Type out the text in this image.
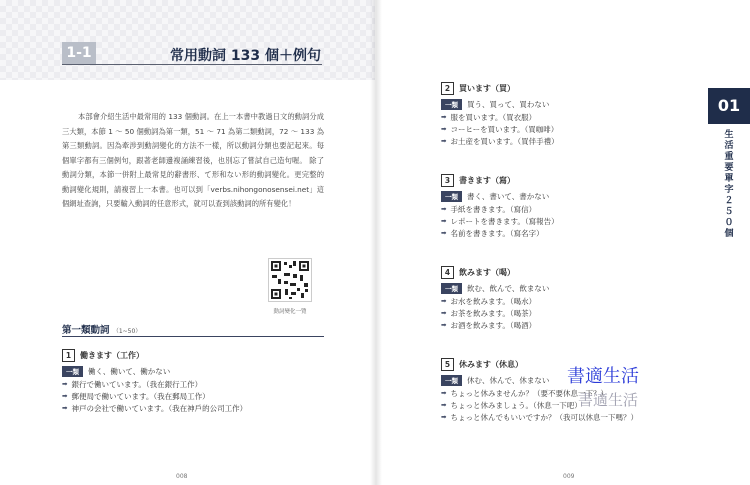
1-1	常用動詞 133 個＋例句
本部會介紹生活中最常用的 133 個動詞。在上一本書中教過日文的動詞分成三大類，本節 1 ～ 50 個動詞為第一類，51 ～ 71 為第二類動詞，72 ～ 133 為第三類動詞。因為牽涉到動詞變化的方法不一樣，所以動詞分類也要記起來。每個單字都有三個例句，跟著老師邊複誦練習後，也別忘了嘗試自己造句喔。 除了動詞分類，本節一併附上最常見的辭書形、て形和ない形的動詞變化。更完整的動詞變化規則，請複習上一本書。也可以到「verbs.nihongonosensei.net」這個網址查詢，只要輸入動詞的任意形式，就可以查到該動詞的所有變化！
動詞變化一覽
第一類動詞 （1~50）
1	働きます（工作）
一類	働く、働いて、働かない
➡ 銀行で働いています。（我在銀行工作）
➡ 郵便局で働いています。（我在郵局工作）
➡ 神戸の会社で働いています。（我在神戶的公司工作）
008
2	買います（買）
一類	買う、買って、買わない
➡ 服を買います。（買衣服）
➡ コーヒーを買います。（買咖啡）
➡ お土産を買います。（買伴手禮）
3	書きます（寫）
一類	書く、書いて、書かない
➡ 手紙を書きます。（寫信）
➡ レポートを書きます。（寫報告）
➡ 名前を書きます。（寫名字）
4	飲みます（喝）
一類	飲む、飲んで、飲まない
➡ お水を飲みます。（喝水）
➡ お茶を飲みます。（喝茶）
➡ お酒を飲みます。（喝酒）
5	休みます（休息）
一類	休む、休んで、休まない
➡ ちょっと休みませんか？（要不要休息一下？）
➡ ちょっと休みましょう。（休息一下吧）
➡ ちょっと休んでもいいですか？（我可以休息一下嗎？）
01
生活重要單字２５０個
009
書適生活
書適生活
